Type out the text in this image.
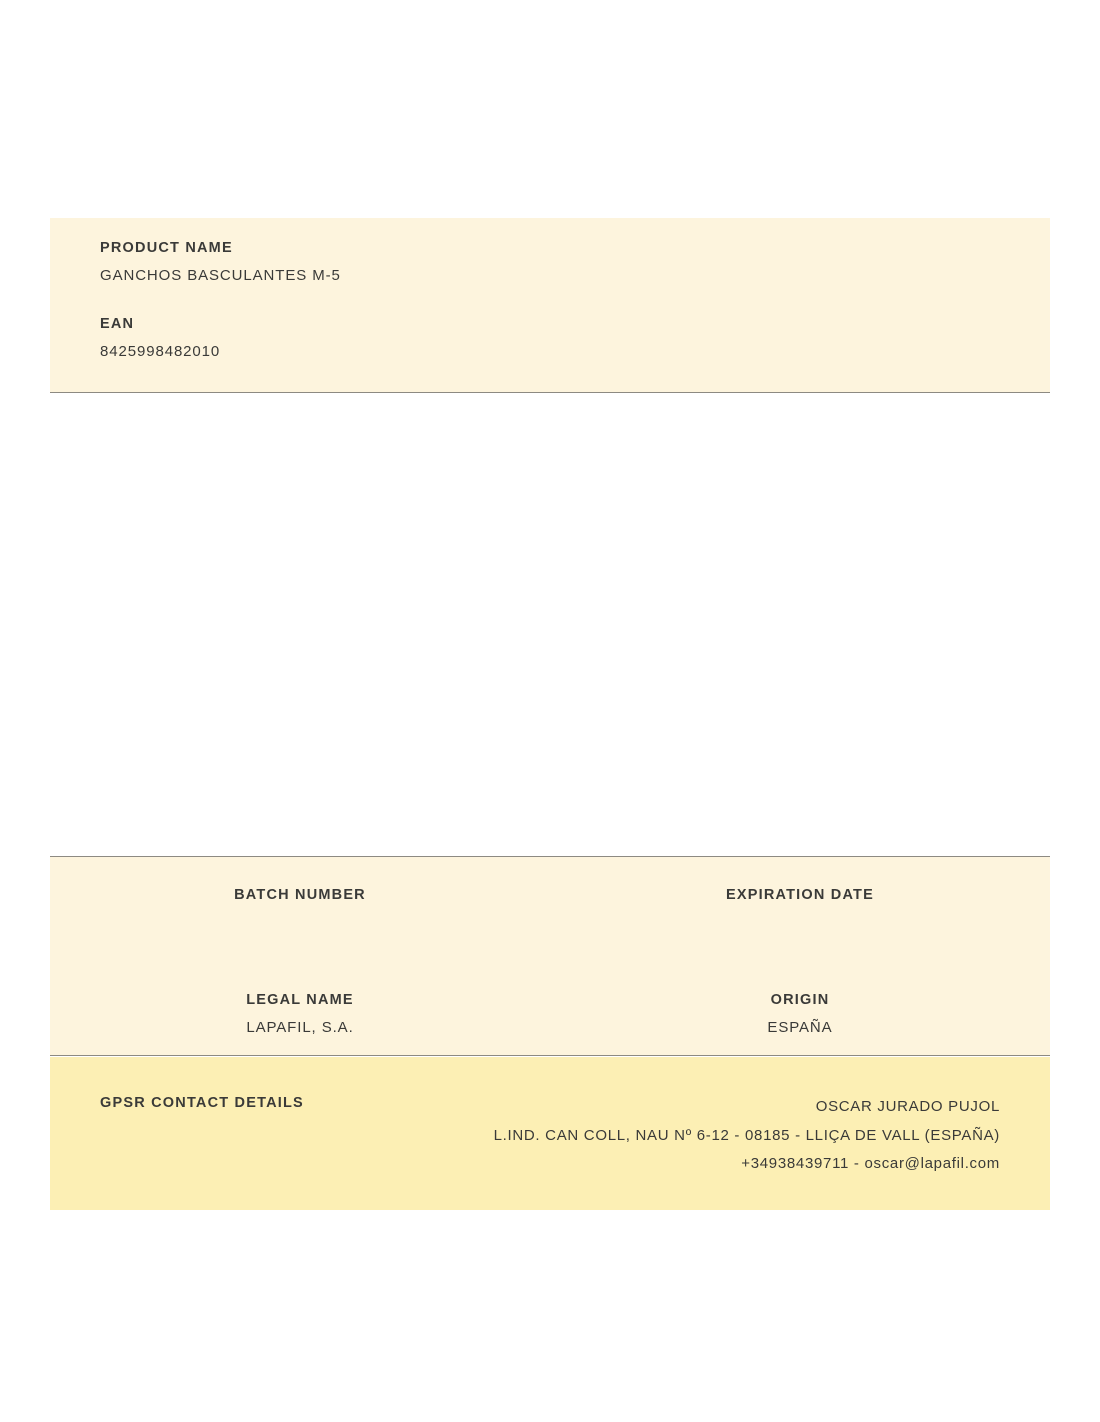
PRODUCT NAME
GANCHOS BASCULANTES M-5
EAN
8425998482010
BATCH NUMBER	EXPIRATION DATE
LEGAL NAME
LAPAFIL, S.A.
ORIGIN
ESPAÑA
GPSR CONTACT DETAILS	OSCAR JURADO PUJOL
L.IND. CAN COLL, NAU Nº 6-12 - 08185 - LLIÇA DE VALL (ESPAÑA)
+34938439711 - oscar@lapafil.com
